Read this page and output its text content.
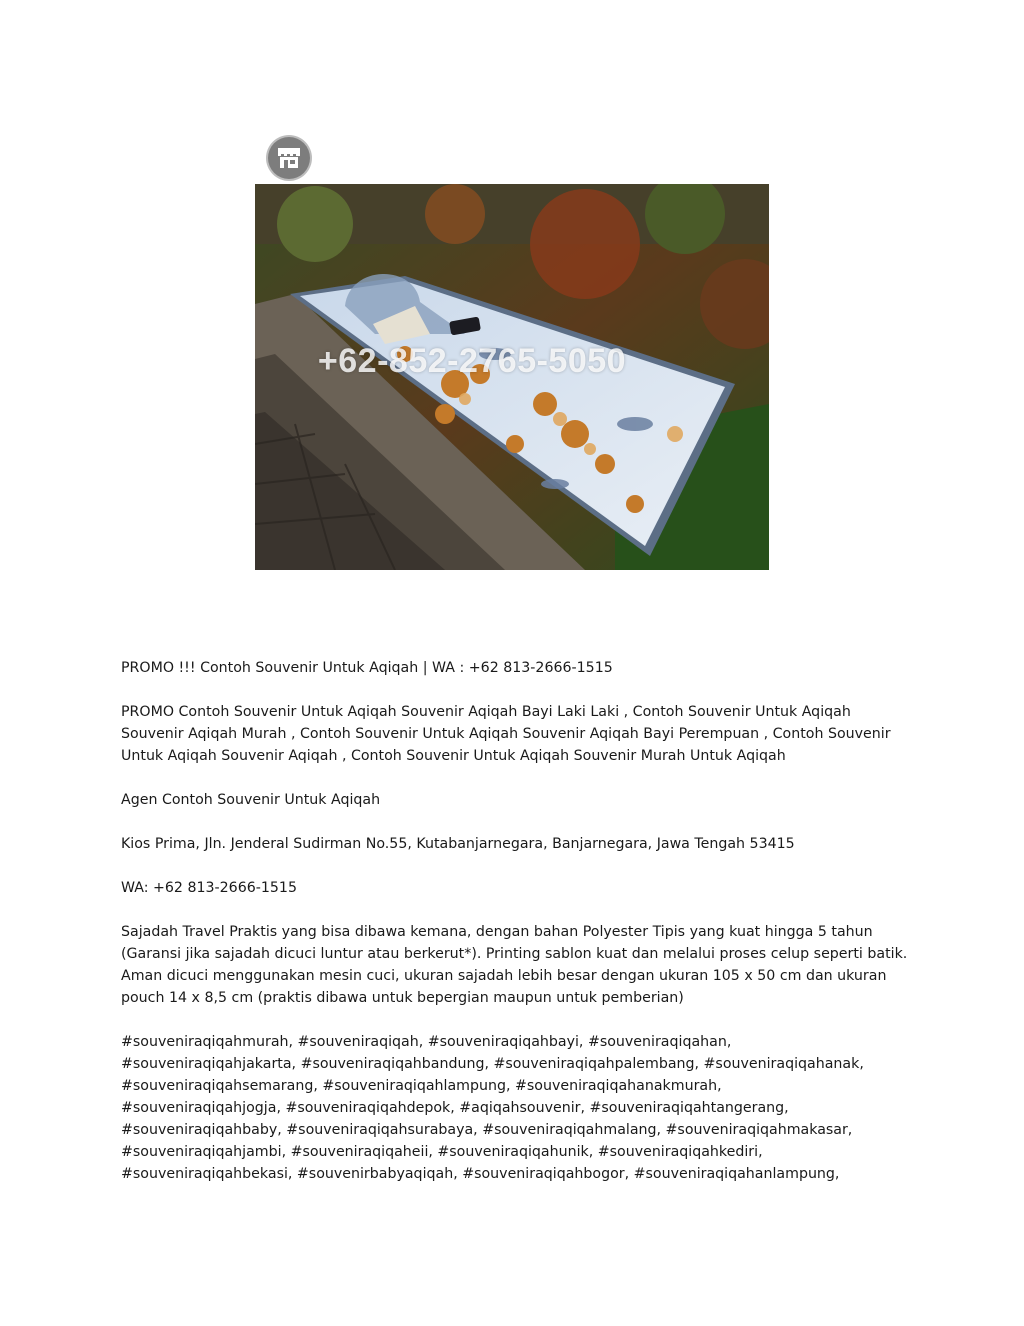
+62-852-2765-5050

PROMO !!! Contoh Souvenir Untuk Aqiqah | WA : +62 813-2666-1515

PROMO Contoh Souvenir Untuk Aqiqah Souvenir Aqiqah Bayi Laki Laki , Contoh Souvenir Untuk Aqiqah Souvenir Aqiqah Murah , Contoh Souvenir Untuk Aqiqah Souvenir Aqiqah Bayi Perempuan , Contoh Souvenir Untuk Aqiqah Souvenir Aqiqah , Contoh Souvenir Untuk Aqiqah Souvenir Murah Untuk Aqiqah

Agen Contoh Souvenir Untuk Aqiqah

Kios Prima, Jln. Jenderal Sudirman No.55, Kutabanjarnegara, Banjarnegara, Jawa Tengah 53415

WA: +62 813-2666-1515

Sajadah Travel Praktis yang bisa dibawa kemana, dengan bahan Polyester Tipis yang kuat hingga 5 tahun (Garansi jika sajadah dicuci luntur atau berkerut*). Printing sablon kuat dan melalui proses celup seperti batik. Aman dicuci menggunakan mesin cuci, ukuran sajadah lebih besar dengan ukuran 105 x 50 cm dan ukuran pouch 14 x 8,5 cm (praktis dibawa untuk bepergian maupun untuk pemberian)

#souveniraqiqahmurah, #souveniraqiqah, #souveniraqiqahbayi, #souveniraqiqahan,
#souveniraqiqahjakarta, #souveniraqiqahbandung, #souveniraqiqahpalembang, #souveniraqiqahanak,
#souveniraqiqahsemarang, #souveniraqiqahlampung, #souveniraqiqahanakmurah,
#souveniraqiqahjogja, #souveniraqiqahdepok, #aqiqahsouvenir, #souveniraqiqahtangerang,
#souveniraqiqahbaby, #souveniraqiqahsurabaya, #souveniraqiqahmalang, #souveniraqiqahmakasar,
#souveniraqiqahjambi, #souveniraqiqaheii, #souveniraqiqahunik, #souveniraqiqahkediri,
#souveniraqiqahbekasi, #souvenirbabyaqiqah, #souveniraqiqahbogor, #souveniraqiqahanlampung,
